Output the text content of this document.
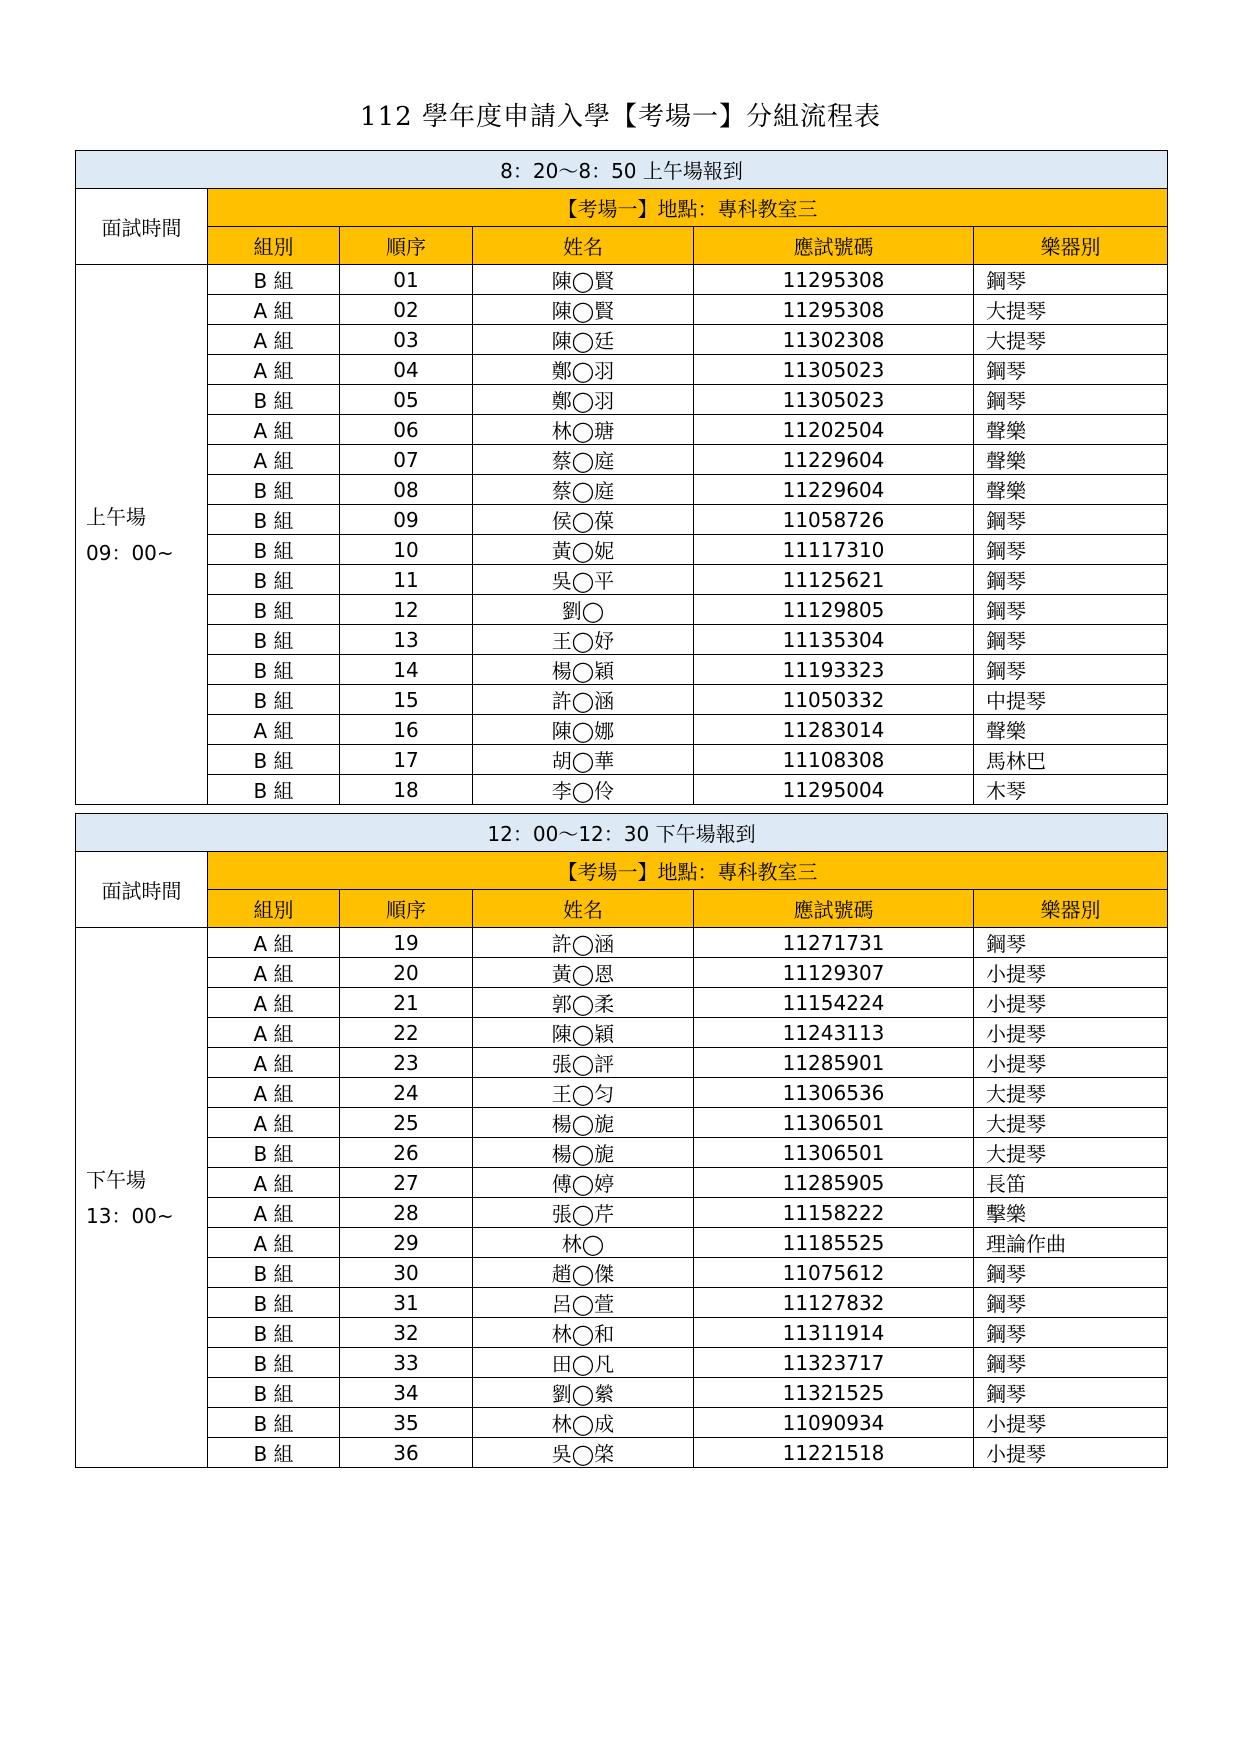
112 學年度申請入學【考場一】分組流程表
8：20～8：50 上午場報到					
面試時間	【考場一】地點：專科教室三				
	組別	順序	姓名	應試號碼	樂器別

上午場
09：00~	B 組	01	陳◯賢	11295308	鋼琴
	A 組	02	陳◯賢	11295308	大提琴
	A 組	03	陳◯廷	11302308	大提琴
	A 組	04	鄭◯羽	11305023	鋼琴
	B 組	05	鄭◯羽	11305023	鋼琴
	A 組	06	林◯瑭	11202504	聲樂
	A 組	07	蔡◯庭	11229604	聲樂
	B 組	08	蔡◯庭	11229604	聲樂
	B 組	09	侯◯葆	11058726	鋼琴
	B 組	10	黃◯妮	11117310	鋼琴
	B 組	11	吳◯平	11125621	鋼琴
	B 組	12	劉◯	11129805	鋼琴
	B 組	13	王◯妤	11135304	鋼琴
	B 組	14	楊◯穎	11193323	鋼琴
	B 組	15	許◯涵	11050332	中提琴
	A 組	16	陳◯娜	11283014	聲樂
	B 組	17	胡◯華	11108308	馬林巴
	B 組	18	李◯伶	11295004	木琴
12：00～12：30 下午場報到					
面試時間	【考場一】地點：專科教室三				
	組別	順序	姓名	應試號碼	樂器別

下午場
13：00~	A 組	19	許◯涵	11271731	鋼琴
	A 組	20	黃◯恩	11129307	小提琴
	A 組	21	郭◯柔	11154224	小提琴
	A 組	22	陳◯穎	11243113	小提琴
	A 組	23	張◯評	11285901	小提琴
	A 組	24	王◯匀	11306536	大提琴
	A 組	25	楊◯旎	11306501	大提琴
	B 組	26	楊◯旎	11306501	大提琴
	A 組	27	傅◯婷	11285905	長笛
	A 組	28	張◯芹	11158222	擊樂
	A 組	29	林◯	11185525	理論作曲
	B 組	30	趙◯傑	11075612	鋼琴
	B 組	31	呂◯萱	11127832	鋼琴
	B 組	32	林◯和	11311914	鋼琴
	B 組	33	田◯凡	11323717	鋼琴
	B 組	34	劉◯縈	11321525	鋼琴
	B 組	35	林◯成	11090934	小提琴
	B 組	36	吳◯棨	11221518	小提琴
